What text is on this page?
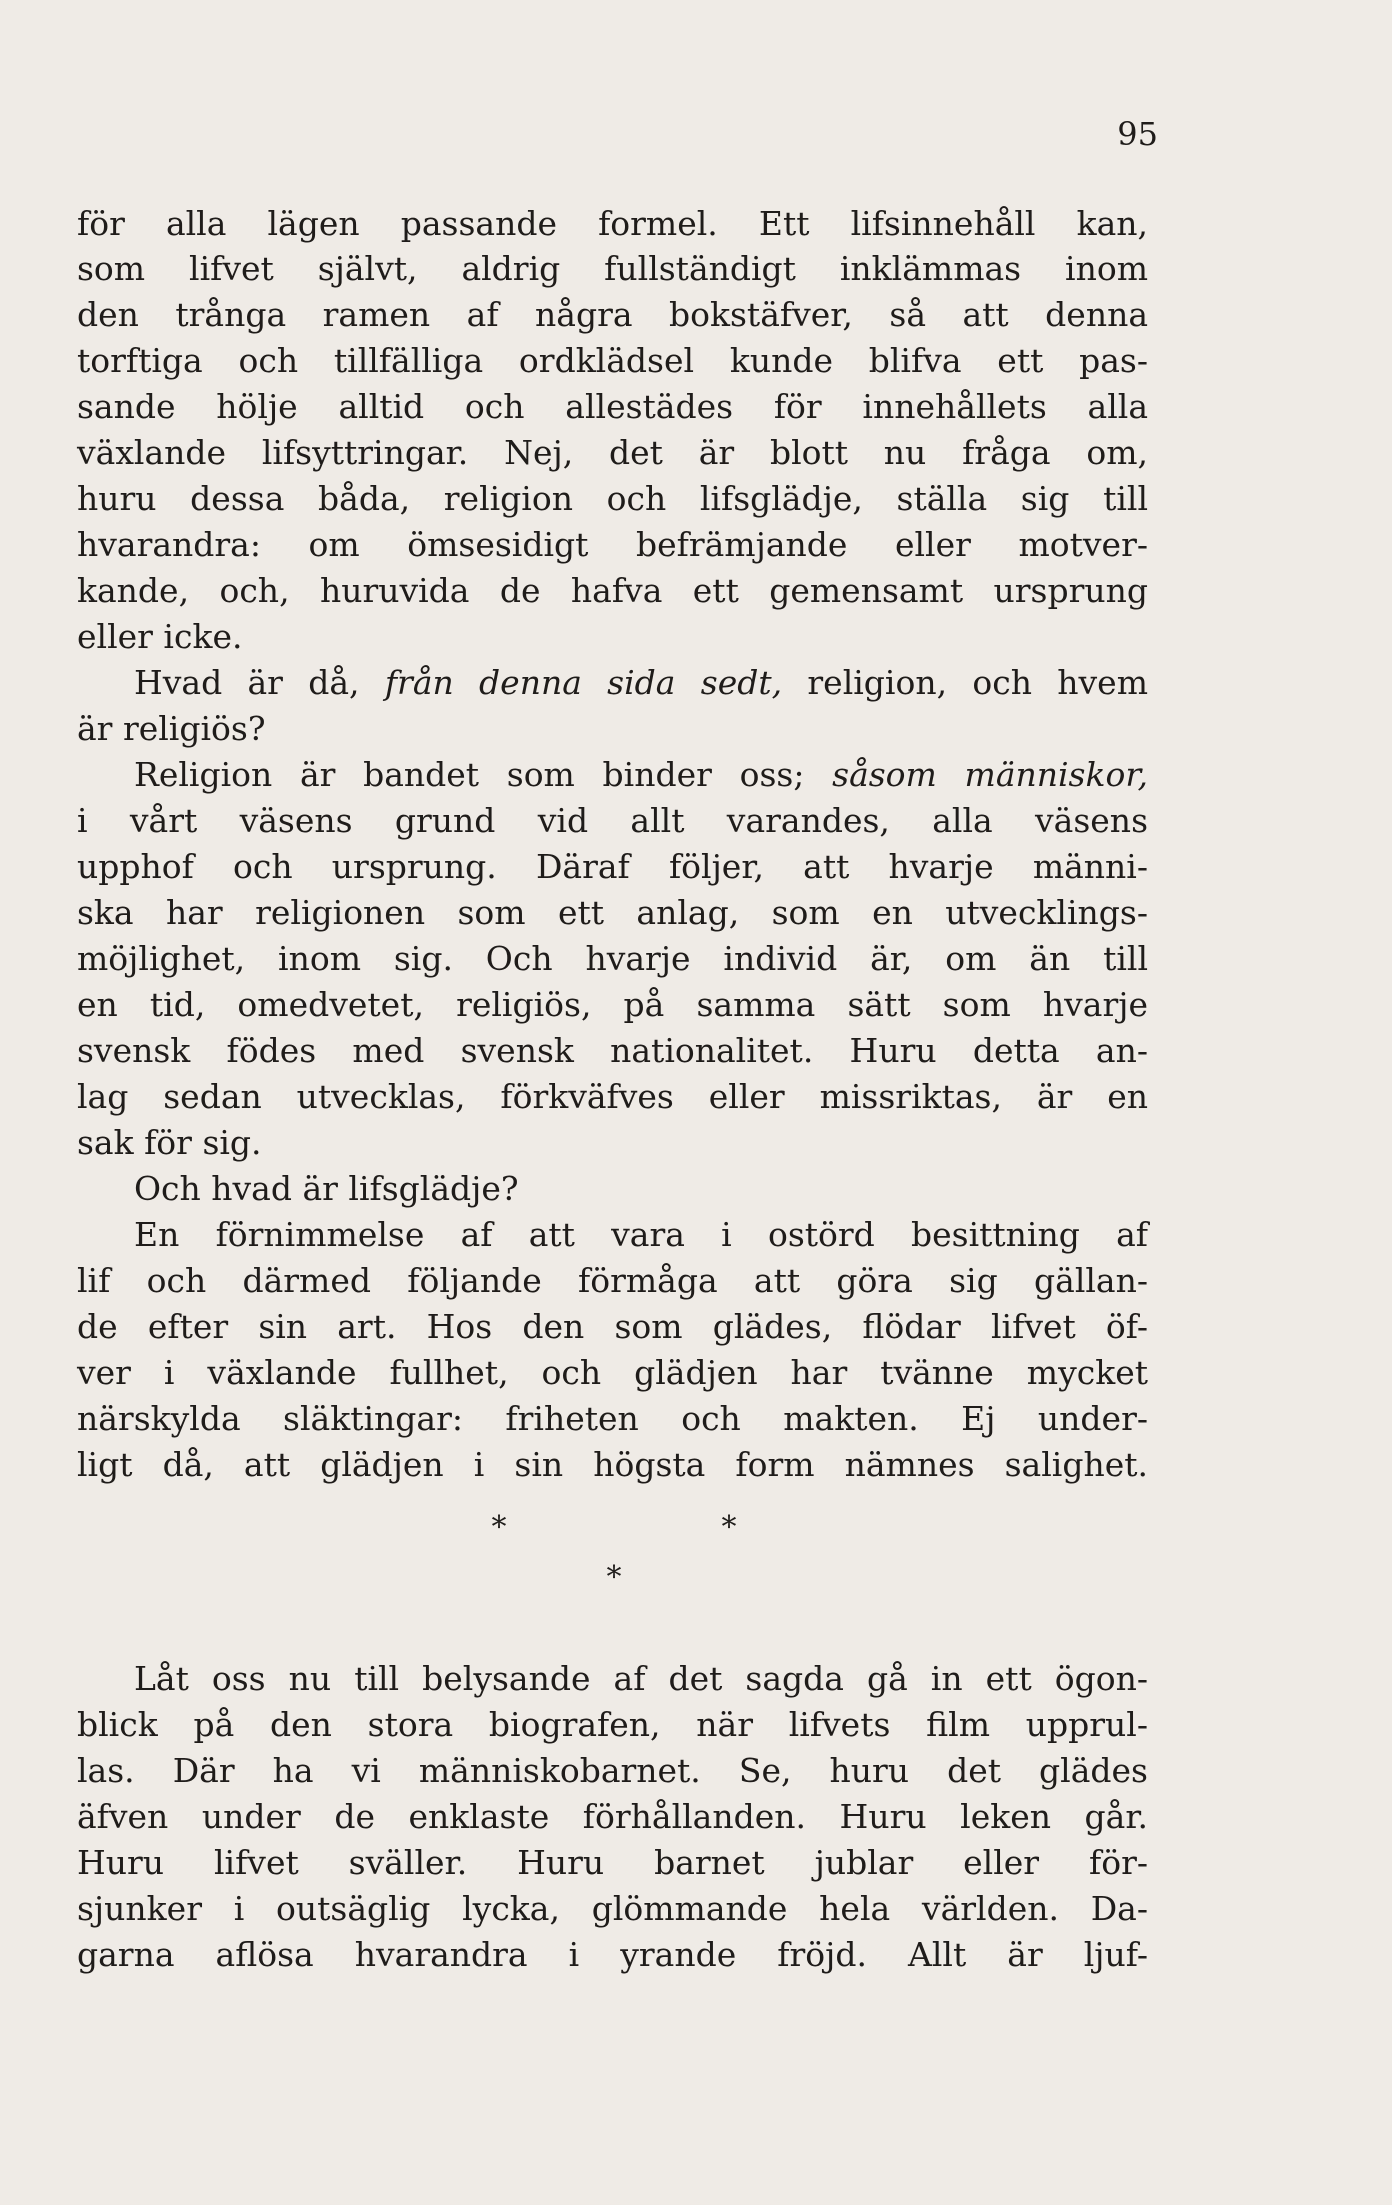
95
för alla lägen passande formel. Ett lifsinnehåll kan,
som lifvet självt, aldrig fullständigt inklämmas inom
den trånga ramen af några bokstäfver, så att denna
torftiga och tillfälliga ordklädsel kunde blifva ett pas-
sande hölje alltid och allestädes för innehållets alla
växlande lifsyttringar. Nej, det är blott nu fråga om,
huru dessa båda, religion och lifsglädje, ställa sig till
hvarandra: om ömsesidigt befrämjande eller motver-
kande, och, huruvida de hafva ett gemensamt ursprung
eller icke.
Hvad är då, från denna sida sedt, religion, och hvem
är religiös?
Religion är bandet som binder oss; såsom människor,
i vårt väsens grund vid allt varandes, alla väsens
upphof och ursprung. Däraf följer, att hvarje männi-
ska har religionen som ett anlag, som en utvecklings-
möjlighet, inom sig. Och hvarje individ är, om än till
en tid, omedvetet, religiös, på samma sätt som hvarje
svensk födes med svensk nationalitet. Huru detta an-
lag sedan utvecklas, förkväfves eller missriktas, är en
sak för sig.
Och hvad är lifsglädje?
En förnimmelse af att vara i ostörd besittning af
lif och därmed följande förmåga att göra sig gällan-
de efter sin art. Hos den som glädes, flödar lifvet öf-
ver i växlande fullhet, och glädjen har tvänne mycket
närskylda släktingar: friheten och makten. Ej under-
ligt då, att glädjen i sin högsta form nämnes salighet.
*	*
*
Låt oss nu till belysande af det sagda gå in ett ögon-
blick på den stora biografen, när lifvets film upprul-
las. Där ha vi människobarnet. Se, huru det glädes
äfven under de enklaste förhållanden. Huru leken går.
Huru lifvet sväller. Huru barnet jublar eller för-
sjunker i outsäglig lycka, glömmande hela världen. Da-
garna aflösa hvarandra i yrande fröjd. Allt är ljuf-
